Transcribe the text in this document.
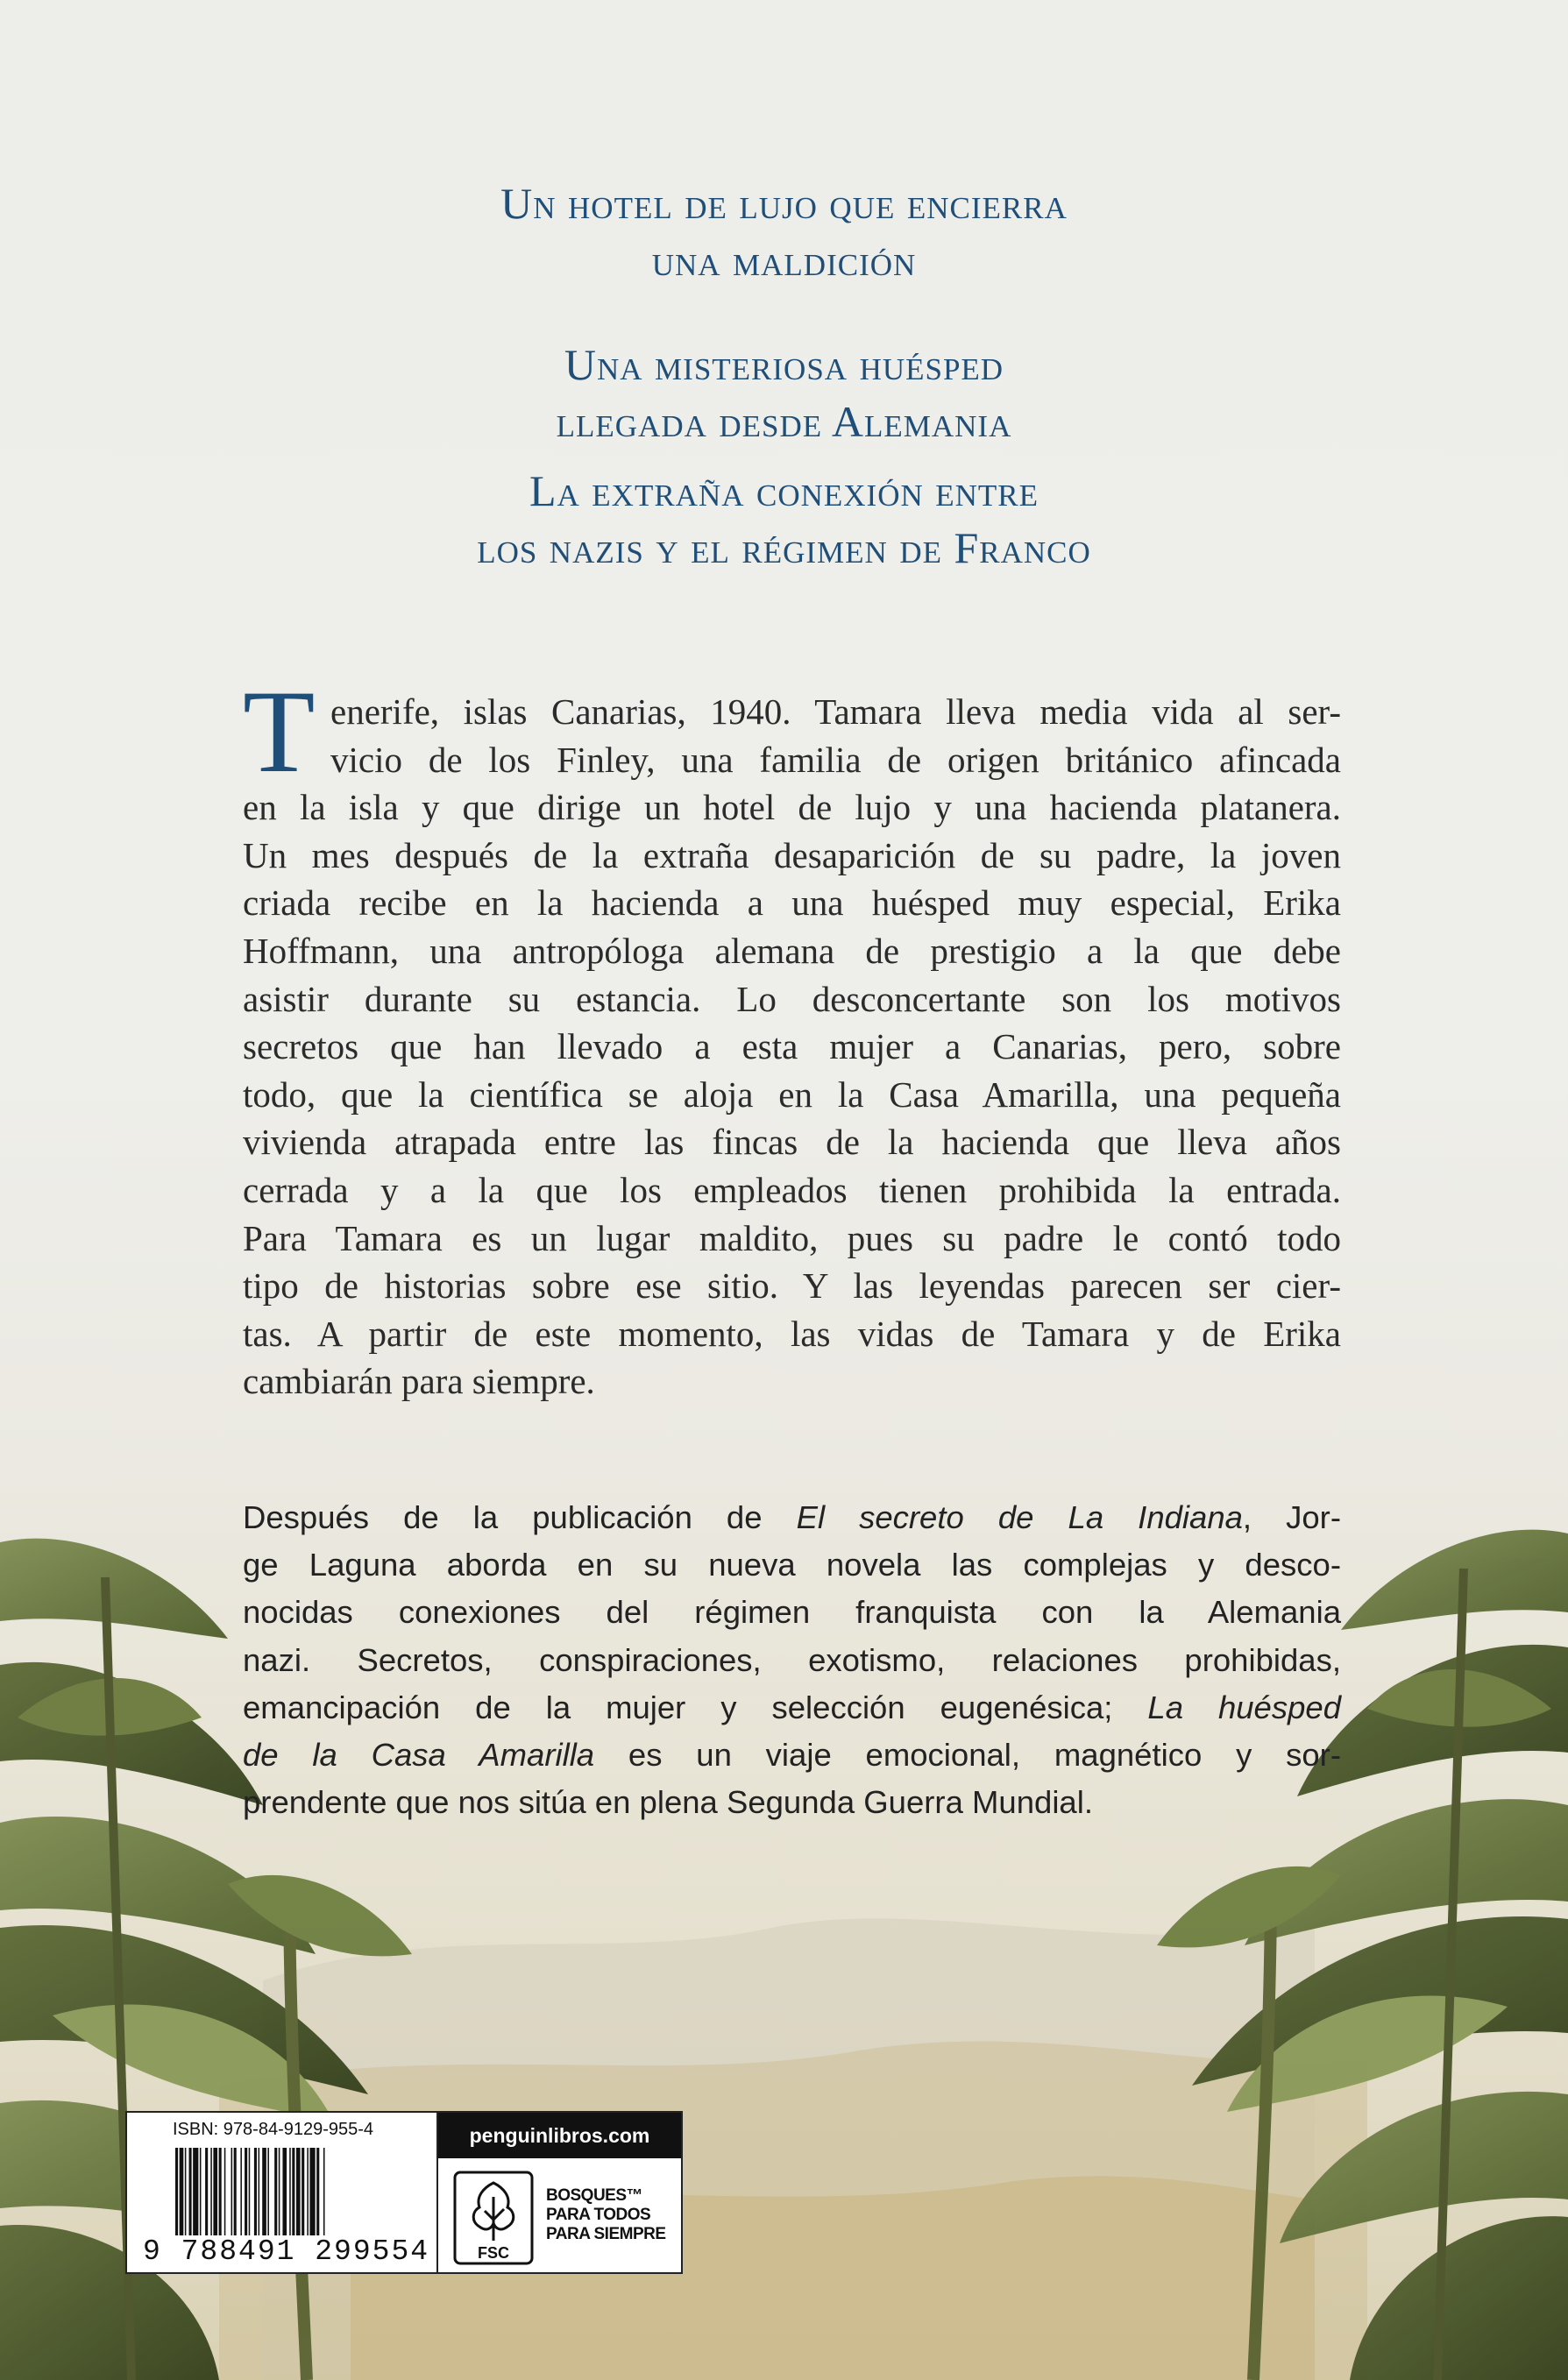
Un hotel de lujo que encierra
una maldición
Una misteriosa huésped
llegada desde Alemania
La extraña conexión entre
los nazis y el régimen de Franco
T enerife, islas Canarias, 1940. Tamara lleva media vida al ser-
vicio de los Finley, una familia de origen británico afincada
en la isla y que dirige un hotel de lujo y una hacienda platanera.
Un mes después de la extraña desaparición de su padre, la joven
criada recibe en la hacienda a una huésped muy especial, Erika
Hoffmann, una antropóloga alemana de prestigio a la que debe
asistir durante su estancia. Lo desconcertante son los motivos
secretos que han llevado a esta mujer a Canarias, pero, sobre
todo, que la científica se aloja en la Casa Amarilla, una pequeña
vivienda atrapada entre las fincas de la hacienda que lleva años
cerrada y a la que los empleados tienen prohibida la entrada.
Para Tamara es un lugar maldito, pues su padre le contó todo
tipo de historias sobre ese sitio. Y las leyendas parecen ser cier-
tas. A partir de este momento, las vidas de Tamara y de Erika
cambiarán para siempre.
Después de la publicación de El secreto de La Indiana, Jor-
ge Laguna aborda en su nueva novela las complejas y desco-
nocidas conexiones del régimen franquista con la Alemania
nazi. Secretos, conspiraciones, exotismo, relaciones prohibidas,
emancipación de la mujer y selección eugenésica; La huésped
de la Casa Amarilla es un viaje emocional, magnético y sor-
prendente que nos sitúa en plena Segunda Guerra Mundial.
ISBN: 978-84-9129-955-4
9 788491 299554
penguinlibros.com
FSC
BOSQUES™
PARA TODOS
PARA SIEMPRE
